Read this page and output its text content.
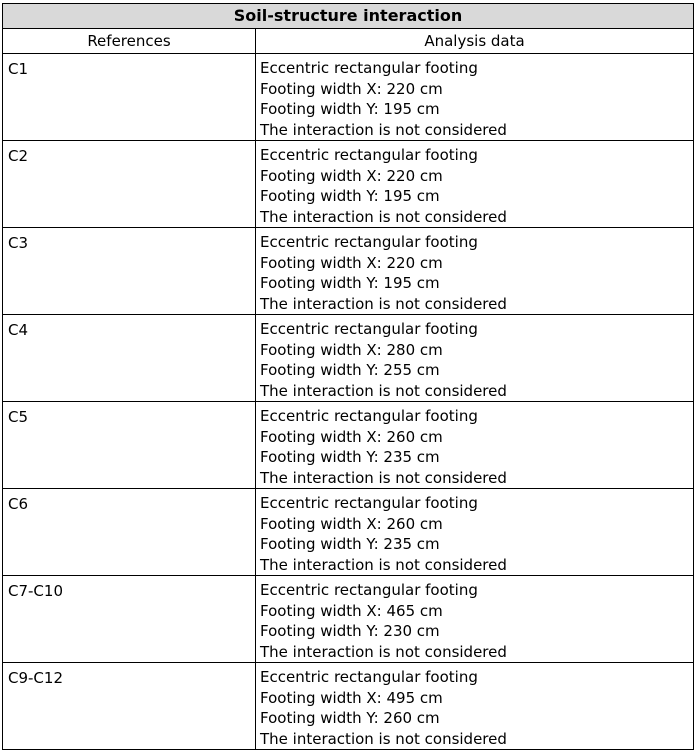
Soil-structure interaction	
References	Analysis data
C1	Eccentric rectangular footing
Footing width X: 220 cm
Footing width Y: 195 cm
The interaction is not considered

C2	Eccentric rectangular footing
Footing width X: 220 cm
Footing width Y: 195 cm
The interaction is not considered

C3	Eccentric rectangular footing
Footing width X: 220 cm
Footing width Y: 195 cm
The interaction is not considered

C4	Eccentric rectangular footing
Footing width X: 280 cm
Footing width Y: 255 cm
The interaction is not considered

C5	Eccentric rectangular footing
Footing width X: 260 cm
Footing width Y: 235 cm
The interaction is not considered

C6	Eccentric rectangular footing
Footing width X: 260 cm
Footing width Y: 235 cm
The interaction is not considered

C7-C10	Eccentric rectangular footing
Footing width X: 465 cm
Footing width Y: 230 cm
The interaction is not considered

C9-C12	Eccentric rectangular footing
Footing width X: 495 cm
Footing width Y: 260 cm
The interaction is not considered
